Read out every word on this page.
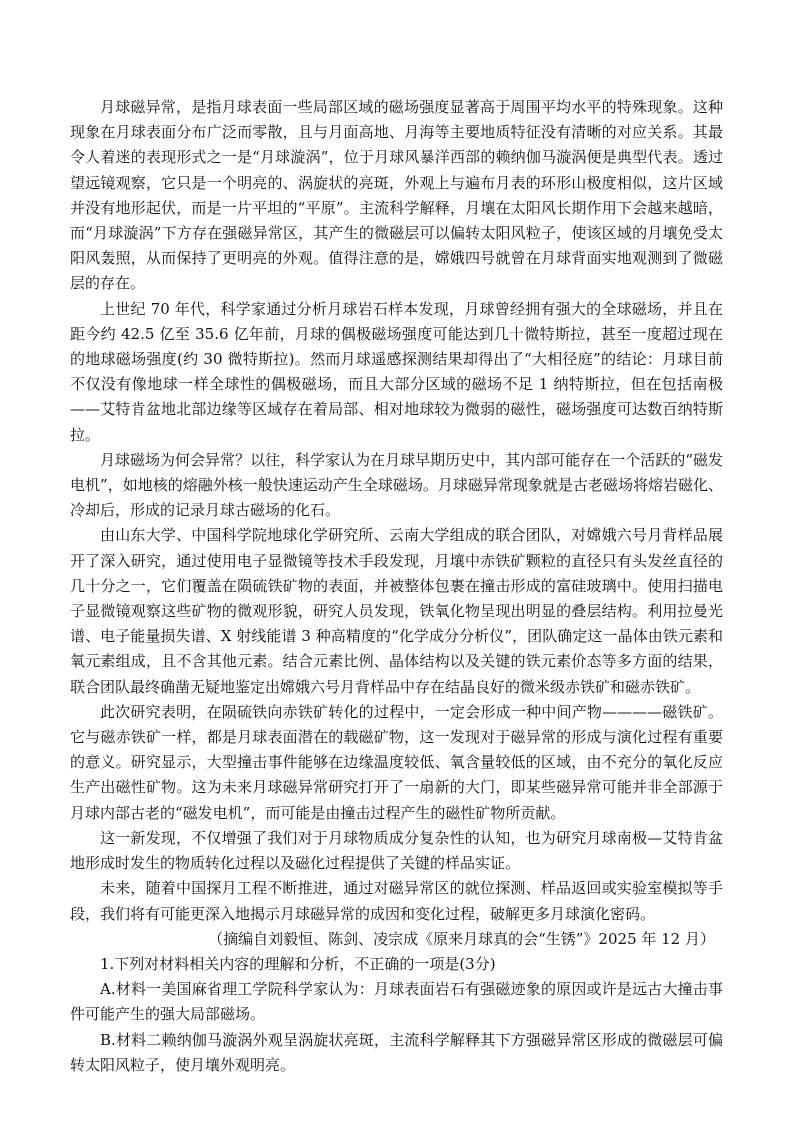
月球磁异常，是指月球表面一些局部区域的磁场强度显著高于周围平均水平的特殊现象。这种现象在月球表面分布广泛而零散，且与月面高地、月海等主要地质特征没有清晰的对应关系。其最令人着迷的表现形式之一是“月球漩涡”，位于月球风暴洋西部的赖纳伽马漩涡便是典型代表。透过望远镜观察，它只是一个明亮的、涡旋状的亮斑，外观上与遍布月表的环形山极度相似，这片区域并没有地形起伏，而是一片平坦的“平原”。主流科学解释，月壤在太阳风长期作用下会越来越暗，而“月球漩涡”下方存在强磁异常区，其产生的微磁层可以偏转太阳风粒子，使该区域的月壤免受太阳风轰照，从而保持了更明亮的外观。值得注意的是，嫦娥四号就曾在月球背面实地观测到了微磁层的存在。

上世纪 70 年代，科学家通过分析月球岩石样本发现，月球曾经拥有强大的全球磁场，并且在距今约 42.5 亿至 35.6 亿年前，月球的偶极磁场强度可能达到几十微特斯拉，甚至一度超过现在的地球磁场强度(约 30 微特斯拉)。然而月球遥感探测结果却得出了“大相径庭”的结论：月球目前不仅没有像地球一样全球性的偶极磁场，而且大部分区域的磁场不足 1 纳特斯拉，但在包括南极——艾特肯盆地北部边缘等区域存在着局部、相对地球较为微弱的磁性，磁场强度可达数百纳特斯拉。

月球磁场为何会异常？以往，科学家认为在月球早期历史中，其内部可能存在一个活跃的“磁发电机”，如地核的熔融外核一般快速运动产生全球磁场。月球磁异常现象就是古老磁场将熔岩磁化、冷却后，形成的记录月球古磁场的化石。

由山东大学、中国科学院地球化学研究所、云南大学组成的联合团队，对嫦娥六号月背样品展开了深入研究，通过使用电子显微镜等技术手段发现，月壤中赤铁矿颗粒的直径只有头发丝直径的几十分之一，它们覆盖在陨硫铁矿物的表面，并被整体包裹在撞击形成的富硅玻璃中。使用扫描电子显微镜观察这些矿物的微观形貌，研究人员发现，铁氧化物呈现出明显的叠层结构。利用拉曼光谱、电子能量损失谱、X 射线能谱 3 种高精度的“化学成分分析仪”，团队确定这一晶体由铁元素和氧元素组成，且不含其他元素。结合元素比例、晶体结构以及关键的铁元素价态等多方面的结果，联合团队最终确凿无疑地鉴定出嫦娥六号月背样品中存在结晶良好的微米级赤铁矿和磁赤铁矿。

此次研究表明，在陨硫铁向赤铁矿转化的过程中，一定会形成一种中间产物————磁铁矿。它与磁赤铁矿一样，都是月球表面潜在的载磁矿物，这一发现对于磁异常的形成与演化过程有重要的意义。研究显示，大型撞击事件能够在边缘温度较低、氧含量较低的区域，由不充分的氧化反应生产出磁性矿物。这为未来月球磁异常研究打开了一扇新的大门，即某些磁异常可能并非全部源于月球内部古老的“磁发电机”，而可能是由撞击过程产生的磁性矿物所贡献。

这一新发现，不仅增强了我们对于月球物质成分复杂性的认知，也为研究月球南极—艾特肯盆地形成时发生的物质转化过程以及磁化过程提供了关键的样品实证。

未来，随着中国探月工程不断推进，通过对磁异常区的就位探测、样品返回或实验室模拟等手段，我们将有可能更深入地揭示月球磁异常的成因和变化过程，破解更多月球演化密码。

（摘编自刘毅恒、陈剑、凌宗成《原来月球真的会“生锈”》2025 年 12 月）

1.下列对材料相关内容的理解和分析，不正确的一项是(3分)

A.材料一美国麻省理工学院科学家认为：月球表面岩石有强磁迹象的原因或许是远古大撞击事件可能产生的强大局部磁场。

B.材料二赖纳伽马漩涡外观呈涡旋状亮斑，主流科学解释其下方强磁异常区形成的微磁层可偏转太阳风粒子，使月壤外观明亮。
